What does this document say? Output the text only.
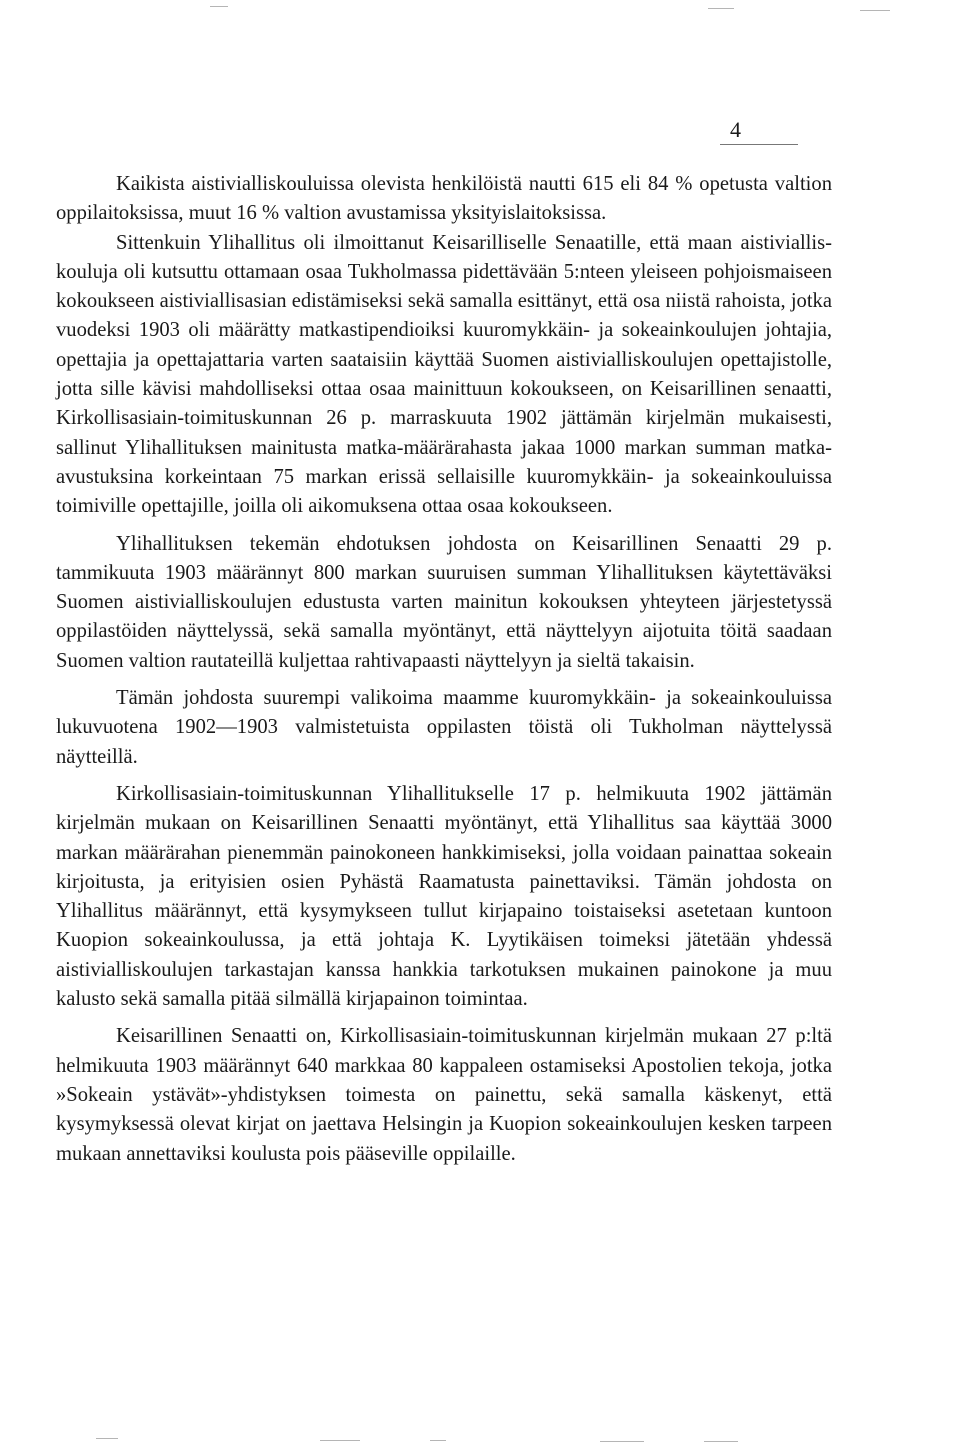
4

Kaikista aistivialliskouluissa olevista henkilöistä nautti 615 eli 84 % opetusta valtion oppilaitoksissa, muut 16 % valtion avustamissa yksityislaitoksissa.

Sittenkuin Ylihallitus oli ilmoittanut Keisarilliselle Senaatille, että maan aistivialliskouluja oli kutsuttu ottamaan osaa Tukholmassa pidettävään 5:nteen yleiseen pohjoismaiseen kokoukseen aistiviallisasian edistämiseksi sekä samalla esittänyt, että osa niistä rahoista, jotka vuodeksi 1903 oli määrätty matkastipendioiksi kuuromykkäin- ja sokeainkoulujen johtajia, opettajia ja opettajattaria varten saataisiin käyttää Suomen aistivialliskoulujen opettajistolle, jotta sille kävisi mahdolliseksi ottaa osaa mainittuun kokoukseen, on Keisarillinen senaatti, Kirkollisasiain-toimituskunnan 26 p. marraskuuta 1902 jättämän kirjelmän mukaisesti, sallinut Ylihallituksen mainitusta matka-määrärahasta jakaa 1000 markan summan matka-avustuksina korkeintaan 75 markan erissä sellaisille kuuromykkäin- ja sokeainkouluissa toimiville opettajille, joilla oli aikomuksena ottaa osaa kokoukseen.

Ylihallituksen tekemän ehdotuksen johdosta on Keisarillinen Senaatti 29 p. tammikuuta 1903 määrännyt 800 markan suuruisen summan Ylihallituksen käytettäväksi Suomen aistivialliskoulujen edustusta varten mainitun kokouksen yhteyteen järjestetyssä oppilastöiden näyttelyssä, sekä samalla myöntänyt, että näyttelyyn aijotuita töitä saadaan Suomen valtion rautateillä kuljettaa rahtivapaasti näyttelyyn ja sieltä takaisin.

Tämän johdosta suurempi valikoima maamme kuuromykkäin- ja sokeainkouluissa lukuvuotena 1902—1903 valmistetuista oppilasten töistä oli Tukholman näyttelyssä näytteillä.

Kirkollisasiain-toimituskunnan Ylihallitukselle 17 p. helmikuuta 1902 jättämän kirjelmän mukaan on Keisarillinen Senaatti myöntänyt, että Ylihallitus saa käyttää 3000 markan määrärahan pienemmän painokoneen hankkimiseksi, jolla voidaan painattaa sokeain kirjoitusta, ja erityisien osien Pyhästä Raamatusta painettaviksi. Tämän johdosta on Ylihallitus määrännyt, että kysymykseen tullut kirjapaino toistaiseksi asetetaan kuntoon Kuopion sokeainkoulussa, ja että johtaja K. Lyytikäisen toimeksi jätetään yhdessä aistivialliskoulujen tarkastajan kanssa hankkia tarkotuksen mukainen painokone ja muu kalusto sekä samalla pitää silmällä kirjapainon toimintaa.

Keisarillinen Senaatti on, Kirkollisasiain-toimituskunnan kirjelmän mukaan 27 p:ltä helmikuuta 1903 määrännyt 640 markkaa 80 kappaleen ostamiseksi Apostolien tekoja, jotka »Sokeain ystävät»-yhdistyksen toimesta on painettu, sekä samalla käskenyt, että kysymyksessä olevat kirjat on jaettava Helsingin ja Kuopion sokeainkoulujen kesken tarpeen mukaan annettaviksi koulusta pois pääseville oppilaille.
